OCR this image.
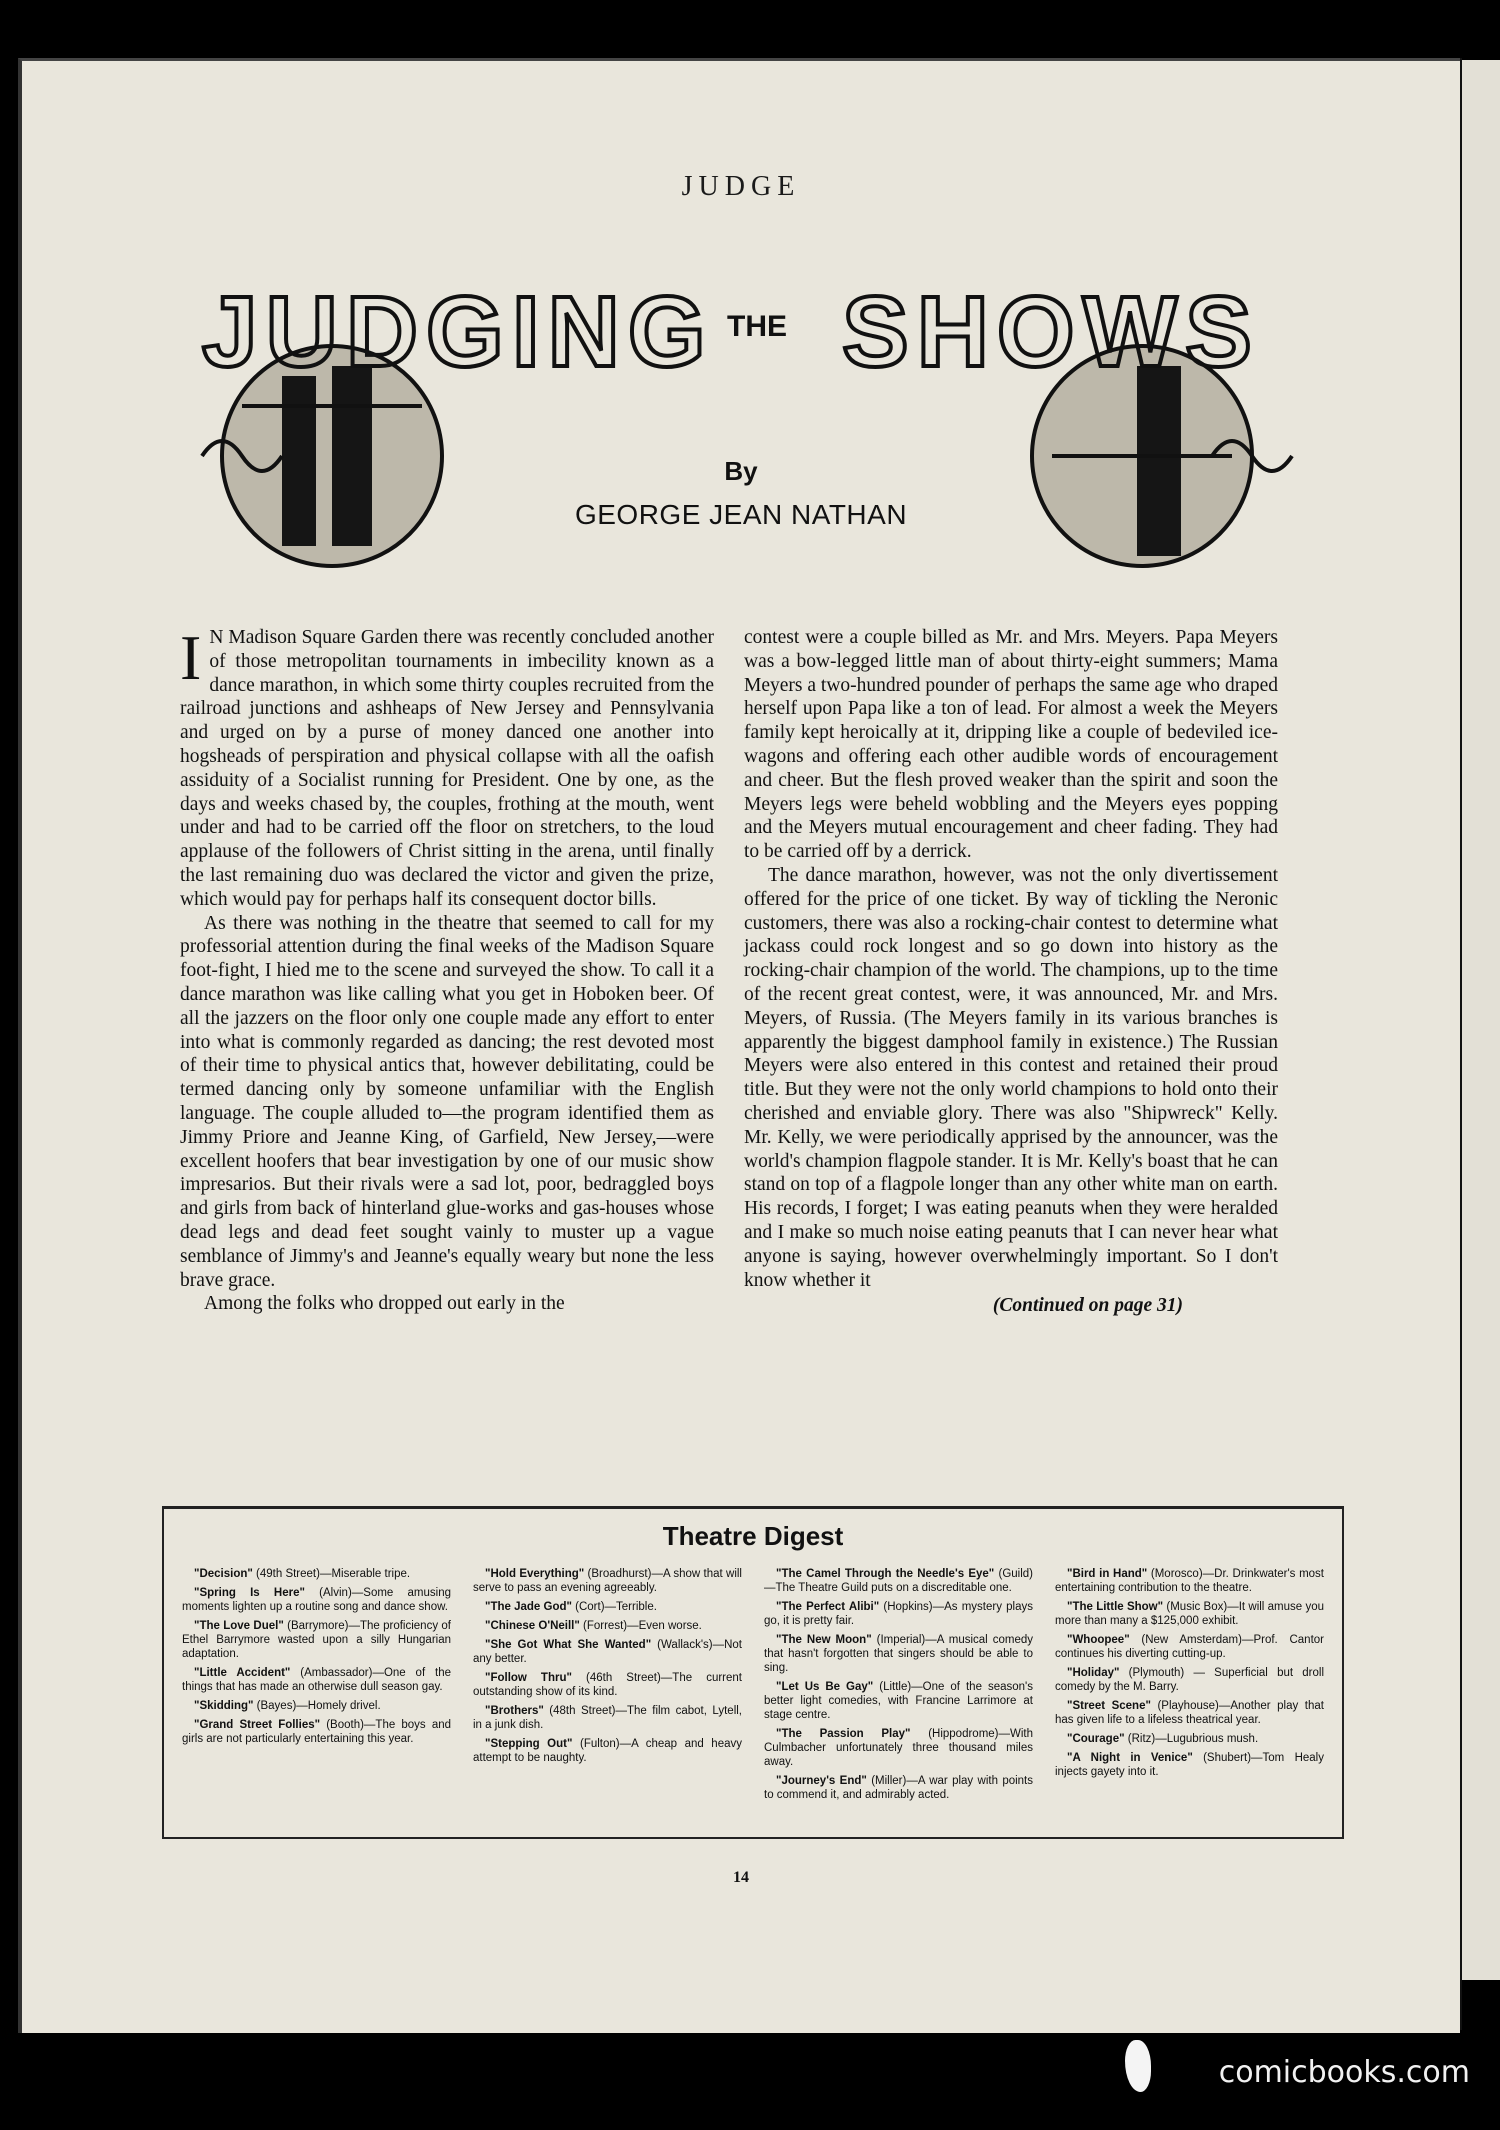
JUDGE
JUDGING THE SHOWS
By
GEORGE JEAN NATHAN

I N Madison Square Garden there was recently concluded another of those metropolitan tournaments in imbecility known as a dance marathon, in which some thirty couples recruited from the railroad junctions and ashheaps of New Jersey and Pennsylvania and urged on by a purse of money danced one another into hogsheads of perspiration and physical collapse with all the oafish assiduity of a Socialist running for President. One by one, as the days and weeks chased by, the couples, frothing at the mouth, went under and had to be carried off the floor on stretchers, to the loud applause of the followers of Christ sitting in the arena, until finally the last remaining duo was declared the victor and given the prize, which would pay for perhaps half its consequent doctor bills.

As there was nothing in the theatre that seemed to call for my professorial attention during the final weeks of the Madison Square foot-fight, I hied me to the scene and surveyed the show. To call it a dance marathon was like calling what you get in Hoboken beer. Of all the jazzers on the floor only one couple made any effort to enter into what is commonly regarded as dancing; the rest devoted most of their time to physical antics that, however debilitating, could be termed dancing only by someone unfamiliar with the English language. The couple alluded to—the program identified them as Jimmy Priore and Jeanne King, of Garfield, New Jersey,—were excellent hoofers that bear investigation by one of our music show impresarios. But their rivals were a sad lot, poor, bedraggled boys and girls from back of hinterland glue-works and gas-houses whose dead legs and dead feet sought vainly to muster up a vague semblance of Jimmy's and Jeanne's equally weary but none the less brave grace.

Among the folks who dropped out early in the

contest were a couple billed as Mr. and Mrs. Meyers. Papa Meyers was a bow-legged little man of about thirty-eight summers; Mama Meyers a two-hundred pounder of perhaps the same age who draped herself upon Papa like a ton of lead. For almost a week the Meyers family kept heroically at it, dripping like a couple of bedeviled ice-wagons and offering each other audible words of encouragement and cheer. But the flesh proved weaker than the spirit and soon the Meyers legs were beheld wobbling and the Meyers eyes popping and the Meyers mutual encouragement and cheer fading. They had to be carried off by a derrick.

The dance marathon, however, was not the only divertissement offered for the price of one ticket. By way of tickling the Neronic customers, there was also a rocking-chair contest to determine what jackass could rock longest and so go down into history as the rocking-chair champion of the world. The champions, up to the time of the recent great contest, were, it was announced, Mr. and Mrs. Meyers, of Russia. (The Meyers family in its various branches is apparently the biggest damphool family in existence.) The Russian Meyers were also entered in this contest and retained their proud title. But they were not the only world champions to hold onto their cherished and enviable glory. There was also "Shipwreck" Kelly. Mr. Kelly, we were periodically apprised by the announcer, was the world's champion flagpole stander. It is Mr. Kelly's boast that he can stand on top of a flagpole longer than any other white man on earth. His records, I forget; I was eating peanuts when they were heralded and I make so much noise eating peanuts that I can never hear what anyone is saying, however overwhelmingly important. So I don't know whether it

(Continued on page 31)
Theatre Digest
"Decision" (49th Street)—Miserable tripe.
"Spring Is Here" (Alvin)—Some amusing moments lighten up a routine song and dance show.
"The Love Duel" (Barrymore)—The proficiency of Ethel Barrymore wasted upon a silly Hungarian adaptation.
"Little Accident" (Ambassador)—One of the things that has made an otherwise dull season gay.
"Skidding" (Bayes)—Homely drivel.
"Grand Street Follies" (Booth)—The boys and girls are not particularly entertaining this year.
"Hold Everything" (Broadhurst)—A show that will serve to pass an evening agreeably.
"The Jade God" (Cort)—Terrible.
"Chinese O'Neill" (Forrest)—Even worse.
"She Got What She Wanted" (Wallack's)—Not any better.
"Follow Thru" (46th Street)—The current outstanding show of its kind.
"Brothers" (48th Street)—The film cabot, Lytell, in a junk dish.
"Stepping Out" (Fulton)—A cheap and heavy attempt to be naughty.
"The Camel Through the Needle's Eye" (Guild)—The Theatre Guild puts on a discreditable one.
"The Perfect Alibi" (Hopkins)—As mystery plays go, it is pretty fair.
"The New Moon" (Imperial)—A musical comedy that hasn't forgotten that singers should be able to sing.
"Let Us Be Gay" (Little)—One of the season's better light comedies, with Francine Larrimore at stage centre.
"The Passion Play" (Hippodrome)—With Culmbacher unfortunately three thousand miles away.
"Journey's End" (Miller)—A war play with points to commend it, and admirably acted.
"Bird in Hand" (Morosco)—Dr. Drinkwater's most entertaining contribution to the theatre.
"The Little Show" (Music Box)—It will amuse you more than many a $125,000 exhibit.
"Whoopee" (New Amsterdam)—Prof. Cantor continues his diverting cutting-up.
"Holiday" (Plymouth) — Superficial but droll comedy by the M. Barry.
"Street Scene" (Playhouse)—Another play that has given life to a lifeless theatrical year.
"Courage" (Ritz)—Lugubrious mush.
"A Night in Venice" (Shubert)—Tom Healy injects gayety into it.
14
comicbooks.com
